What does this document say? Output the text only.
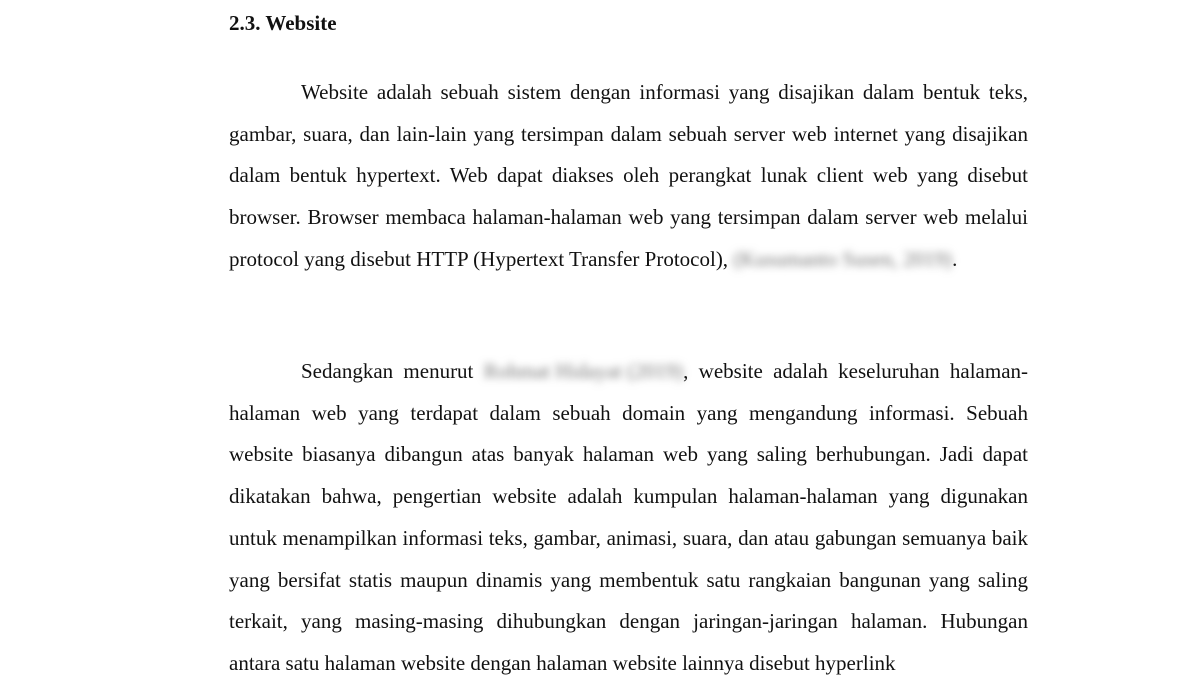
2.3. Website

Website adalah sebuah sistem dengan informasi yang disajikan dalam bentuk teks, gambar, suara, dan lain-lain yang tersimpan dalam sebuah server web internet yang disajikan dalam bentuk hypertext. Web dapat diakses oleh perangkat lunak client web yang disebut browser. Browser membaca halaman-halaman web yang tersimpan dalam server web melalui protocol yang disebut HTTP (Hypertext Transfer Protocol), (Kusumanto Susen, 2019).

Sedangkan menurut Rohmat Hidayat (2019), website adalah keseluruhan halaman-halaman web yang terdapat dalam sebuah domain yang mengandung informasi. Sebuah website biasanya dibangun atas banyak halaman web yang saling berhubungan. Jadi dapat dikatakan bahwa, pengertian website adalah kumpulan halaman-halaman yang digunakan untuk menampilkan informasi teks, gambar, animasi, suara, dan atau gabungan semuanya baik yang bersifat statis maupun dinamis yang membentuk satu rangkaian bangunan yang saling terkait, yang masing-masing dihubungkan dengan jaringan-jaringan halaman. Hubungan antara satu halaman website dengan halaman website lainnya disebut hyperlink
